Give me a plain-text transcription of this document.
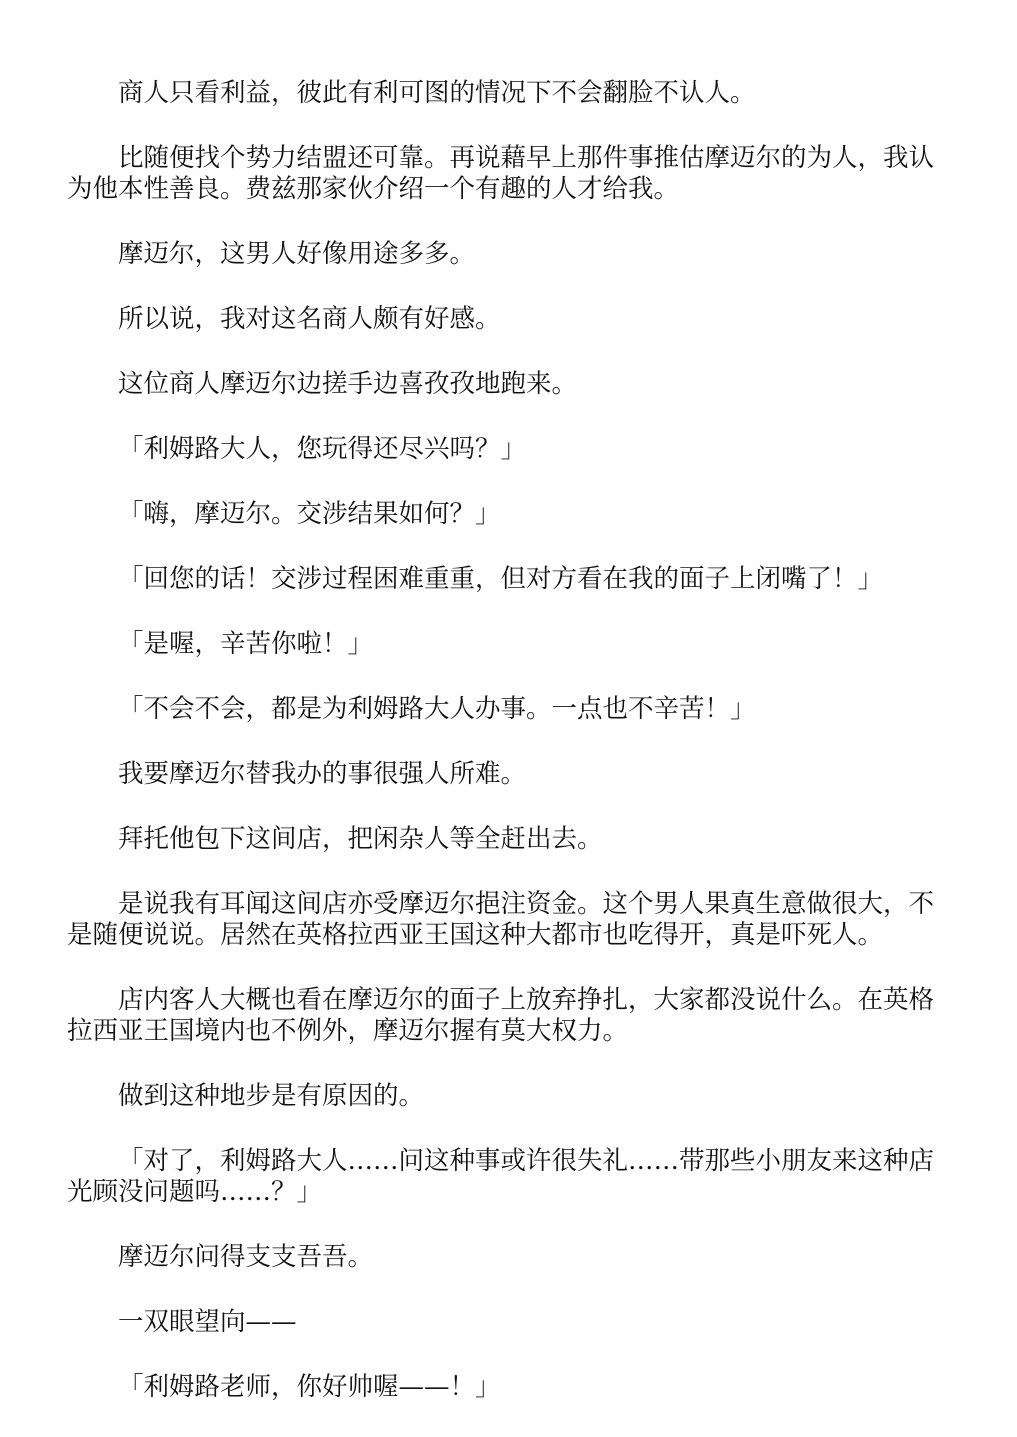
商人只看利益，彼此有利可图的情况下不会翻脸不认人。

比随便找个势力结盟还可靠。再说藉早上那件事推估摩迈尔的为人，我认为他本性善良。费兹那家伙介绍一个有趣的人才给我。

摩迈尔，这男人好像用途多多。

所以说，我对这名商人颇有好感。

这位商人摩迈尔边搓手边喜孜孜地跑来。

「利姆路大人，您玩得还尽兴吗？」

「嗨，摩迈尔。交涉结果如何？」

「回您的话！交涉过程困难重重，但对方看在我的面子上闭嘴了！」

「是喔，辛苦你啦！」

「不会不会，都是为利姆路大人办事。一点也不辛苦！」

我要摩迈尔替我办的事很强人所难。

拜托他包下这间店，把闲杂人等全赶出去。

是说我有耳闻这间店亦受摩迈尔挹注资金。这个男人果真生意做很大，不是随便说说。居然在英格拉西亚王国这种大都市也吃得开，真是吓死人。

店内客人大概也看在摩迈尔的面子上放弃挣扎，大家都没说什么。在英格拉西亚王国境内也不例外，摩迈尔握有莫大权力。

做到这种地步是有原因的。

「对了，利姆路大人……问这种事或许很失礼……带那些小朋友来这种店光顾没问题吗……？」

摩迈尔问得支支吾吾。

一双眼望向——

「利姆路老师，你好帅喔——！」
